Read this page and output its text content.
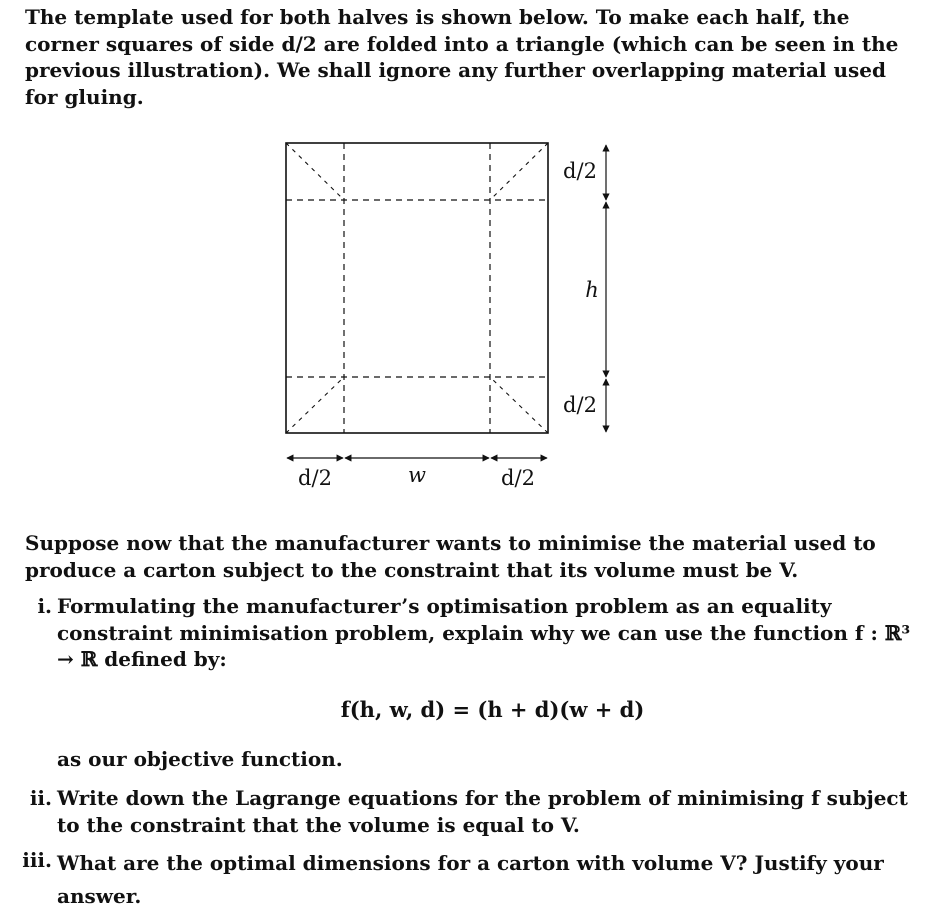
The template used for both halves is shown below. To make each half, the corner squares of side d/2 are folded into a triangle (which can be seen in the previous illustration). We shall ignore any further overlapping material used for gluing.

d/2
h
d/2
d/2	w	d/2

Suppose now that the manufacturer wants to minimise the material used to produce a carton subject to the constraint that its volume must be V.

i. Formulating the manufacturer’s optimisation problem as an equality constraint minimisation problem, explain why we can use the function f : ℝ³ → ℝ defined by:
f(h, w, d) = (h + d)(w + d)
as our objective function.
ii. Write down the Lagrange equations for the problem of minimising f subject to the constraint that the volume is equal to V.
iii. What are the optimal dimensions for a carton with volume V? Justify your answer.
